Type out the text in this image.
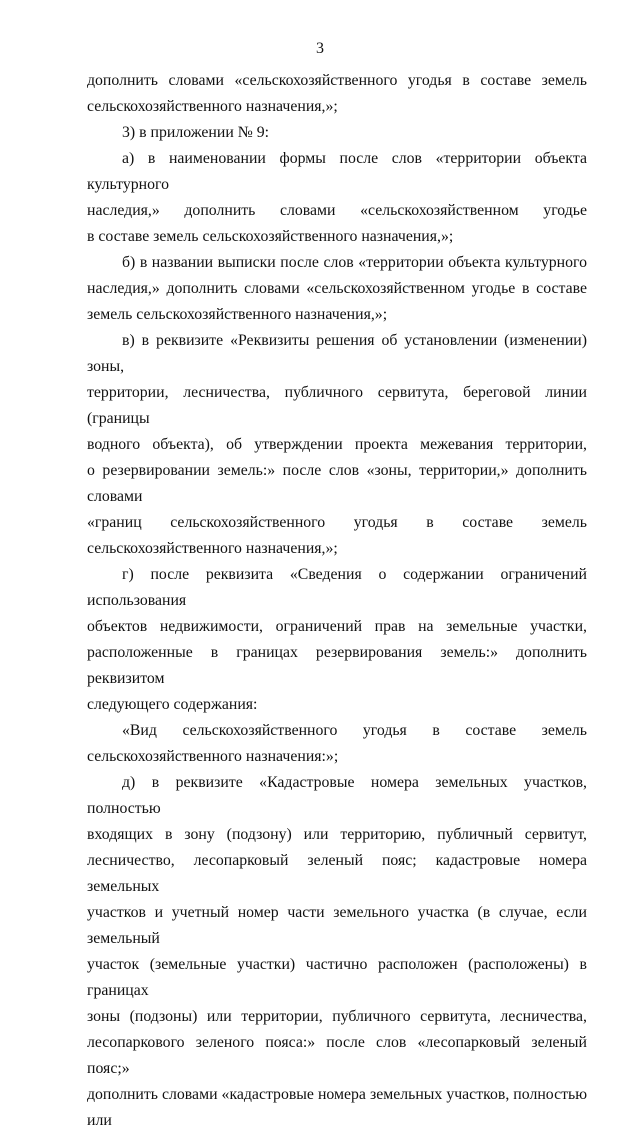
3
дополнить словами «сельскохозяйственного угодья в составе земель
сельскохозяйственного назначения,»;
3) в приложении № 9:
а) в наименовании формы после слов «территории объекта культурного
наследия,» дополнить словами «сельскохозяйственном угодье
в составе земель сельскохозяйственного назначения,»;
б) в названии выписки после слов «территории объекта культурного
наследия,» дополнить словами «сельскохозяйственном угодье в составе
земель сельскохозяйственного назначения,»;
в) в реквизите «Реквизиты решения об установлении (изменении) зоны,
территории, лесничества, публичного сервитута, береговой линии (границы
водного объекта), об утверждении проекта межевания территории,
о резервировании земель:» после слов «зоны, территории,» дополнить словами
«границ сельскохозяйственного угодья в составе земель
сельскохозяйственного назначения,»;
г) после реквизита «Сведения о содержании ограничений использования
объектов недвижимости, ограничений прав на земельные участки,
расположенные в границах резервирования земель:» дополнить реквизитом
следующего содержания:
«Вид сельскохозяйственного угодья в составе земель
сельскохозяйственного назначения:»;
д) в реквизите «Кадастровые номера земельных участков, полностью
входящих в зону (подзону) или территорию, публичный сервитут,
лесничество, лесопарковый зеленый пояс; кадастровые номера земельных
участков и учетный номер части земельного участка (в случае, если земельный
участок (земельные участки) частично расположен (расположены) в границах
зоны (подзоны) или территории, публичного сервитута, лесничества,
лесопаркового зеленого пояса:» после слов «лесопарковый зеленый пояс;»
дополнить словами «кадастровые номера земельных участков, полностью или
